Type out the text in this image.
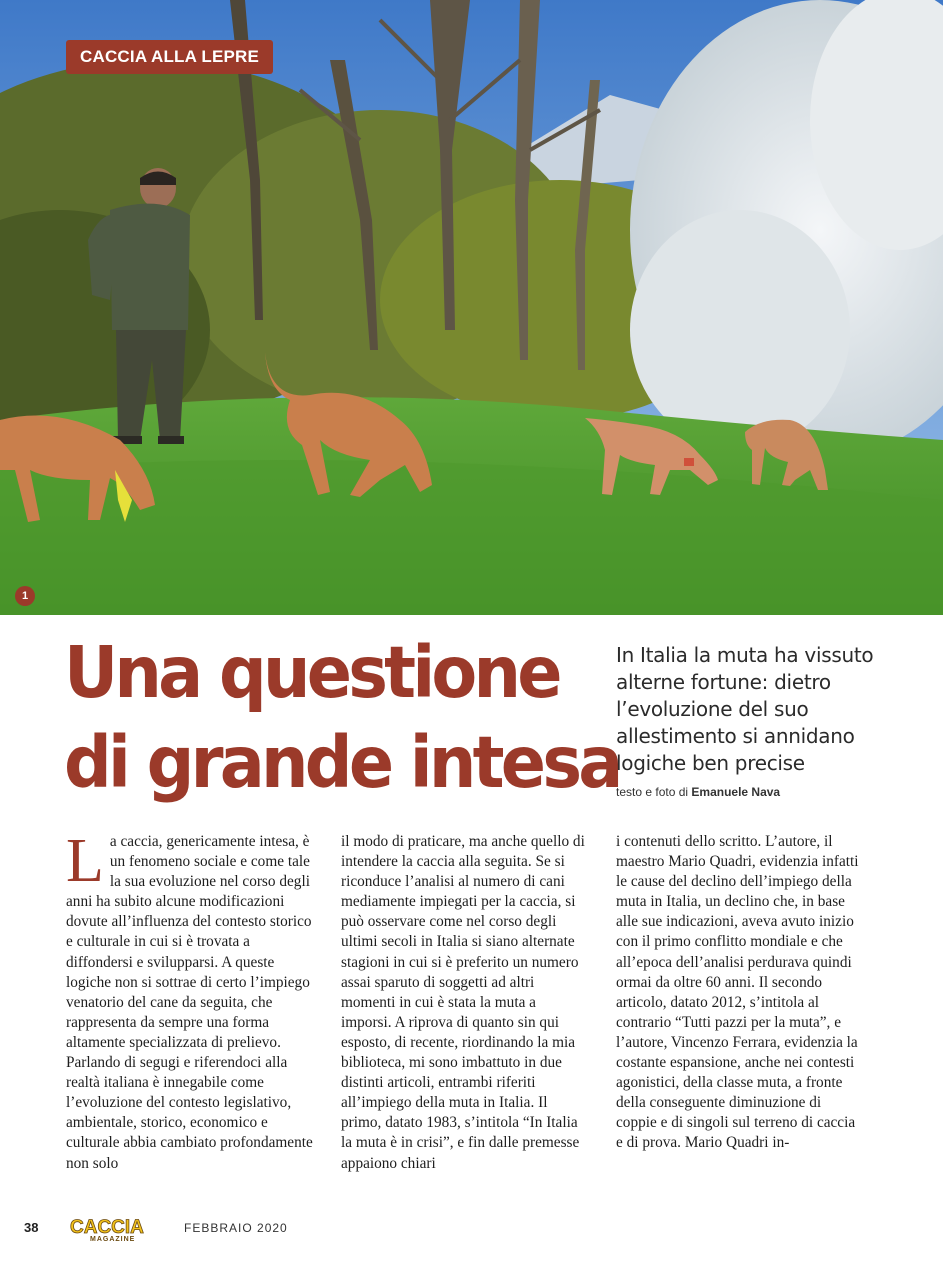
CACCIA ALLA LEPRE
1
Una questione
di grande intesa

In Italia la muta ha vissuto alterne fortune: dietro l’evoluzione del suo allestimento si annidano logiche ben precise

testo e foto di Emanuele Nava
L a caccia, genericamente intesa, è un fenomeno sociale e come tale la sua evoluzione nel corso degli anni ha subito alcune modificazioni dovute all’influenza del contesto storico e culturale in cui si è trovata a diffondersi e svilupparsi. A queste logiche non si sottrae di certo l’impiego venatorio del cane da seguita, che rappresenta da sempre una forma altamente specializzata di prelievo. Parlando di segugi e riferendoci alla realtà italiana è innegabile come l’evoluzione del contesto legislativo, ambientale, storico, economico e culturale abbia cambiato profondamente non solo

il modo di praticare, ma anche quello di intendere la caccia alla seguita. Se si riconduce l’analisi al numero di cani mediamente impiegati per la caccia, si può osservare come nel corso degli ultimi secoli in Italia si siano alternate stagioni in cui si è preferito un numero assai sparuto di soggetti ad altri momenti in cui è stata la muta a imporsi. A riprova di quanto sin qui esposto, di recente, riordinando la mia biblioteca, mi sono imbattuto in due distinti articoli, entrambi riferiti all’impiego della muta in Italia. Il primo, datato 1983, s’intitola “In Italia la muta è in crisi”, e fin dalle premesse appaiono chiari

i contenuti dello scritto. L’autore, il maestro Mario Quadri, evidenzia infatti le cause del declino dell’impiego della muta in Italia, un declino che, in base alle sue indicazioni, aveva avuto inizio con il primo conflitto mondiale e che all’epoca dell’analisi perdurava quindi ormai da oltre 60 anni. Il secondo articolo, datato 2012, s’intitola al contrario “Tutti pazzi per la muta”, e l’autore, Vincenzo Ferrara, evidenzia la costante espansione, anche nei contesti agonistici, della classe muta, a fronte della conseguente diminuzione di coppie e di singoli sul terreno di caccia e di prova. Mario Quadri in-

38 CACCIA
MAGAZINE
FEBBRAIO 2020
